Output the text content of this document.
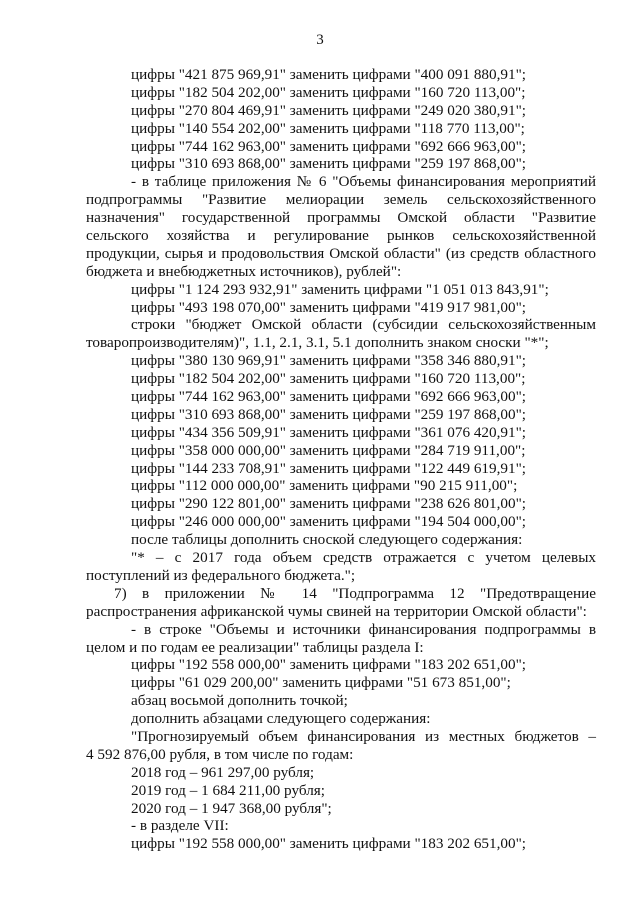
3
цифры "421 875 969,91" заменить цифрами "400 091 880,91";
цифры "182 504 202,00" заменить цифрами "160 720 113,00";
цифры "270 804 469,91" заменить цифрами "249 020 380,91";
цифры "140 554 202,00" заменить цифрами "118 770 113,00";
цифры "744 162 963,00" заменить цифрами "692 666 963,00";
цифры "310 693 868,00" заменить цифрами "259 197 868,00";
- в таблице приложения № 6 "Объемы финансирования мероприятий
подпрограммы "Развитие мелиорации земель сельскохозяйственного
назначения" государственной программы Омской области "Развитие
сельского хозяйства и регулирование рынков сельскохозяйственной
продукции, сырья и продовольствия Омской области" (из средств областного
бюджета и внебюджетных источников), рублей":
цифры "1 124 293 932,91" заменить цифрами "1 051 013 843,91";
цифры "493 198 070,00" заменить цифрами "419 917 981,00";
строки "бюджет Омской области (субсидии сельскохозяйственным
товаропроизводителям)", 1.1, 2.1, 3.1, 5.1 дополнить знаком сноски "*";
цифры "380 130 969,91" заменить цифрами "358 346 880,91";
цифры "182 504 202,00" заменить цифрами "160 720 113,00";
цифры "744 162 963,00" заменить цифрами "692 666 963,00";
цифры "310 693 868,00" заменить цифрами "259 197 868,00";
цифры "434 356 509,91" заменить цифрами "361 076 420,91";
цифры "358 000 000,00" заменить цифрами "284 719 911,00";
цифры "144 233 708,91" заменить цифрами "122 449 619,91";
цифры "112 000 000,00" заменить цифрами "90 215 911,00";
цифры "290 122 801,00" заменить цифрами "238 626 801,00";
цифры "246 000 000,00" заменить цифрами "194 504 000,00";
после таблицы дополнить сноской следующего содержания:
"* – с 2017 года объем средств отражается с учетом целевых
поступлений из федерального бюджета.";
7) в приложении № 14 "Подпрограмма 12 "Предотвращение
распространения африканской чумы свиней на территории Омской области":
- в строке "Объемы и источники финансирования подпрограммы в
целом и по годам ее реализации" таблицы раздела I:
цифры "192 558 000,00" заменить цифрами "183 202 651,00";
цифры "61 029 200,00" заменить цифрами "51 673 851,00";
абзац восьмой дополнить точкой;
дополнить абзацами следующего содержания:
"Прогнозируемый объем финансирования из местных бюджетов –
4 592 876,00 рубля, в том числе по годам:
2018 год – 961 297,00 рубля;
2019 год – 1 684 211,00 рубля;
2020 год – 1 947 368,00 рубля";
- в разделе VII:
цифры "192 558 000,00" заменить цифрами "183 202 651,00";
